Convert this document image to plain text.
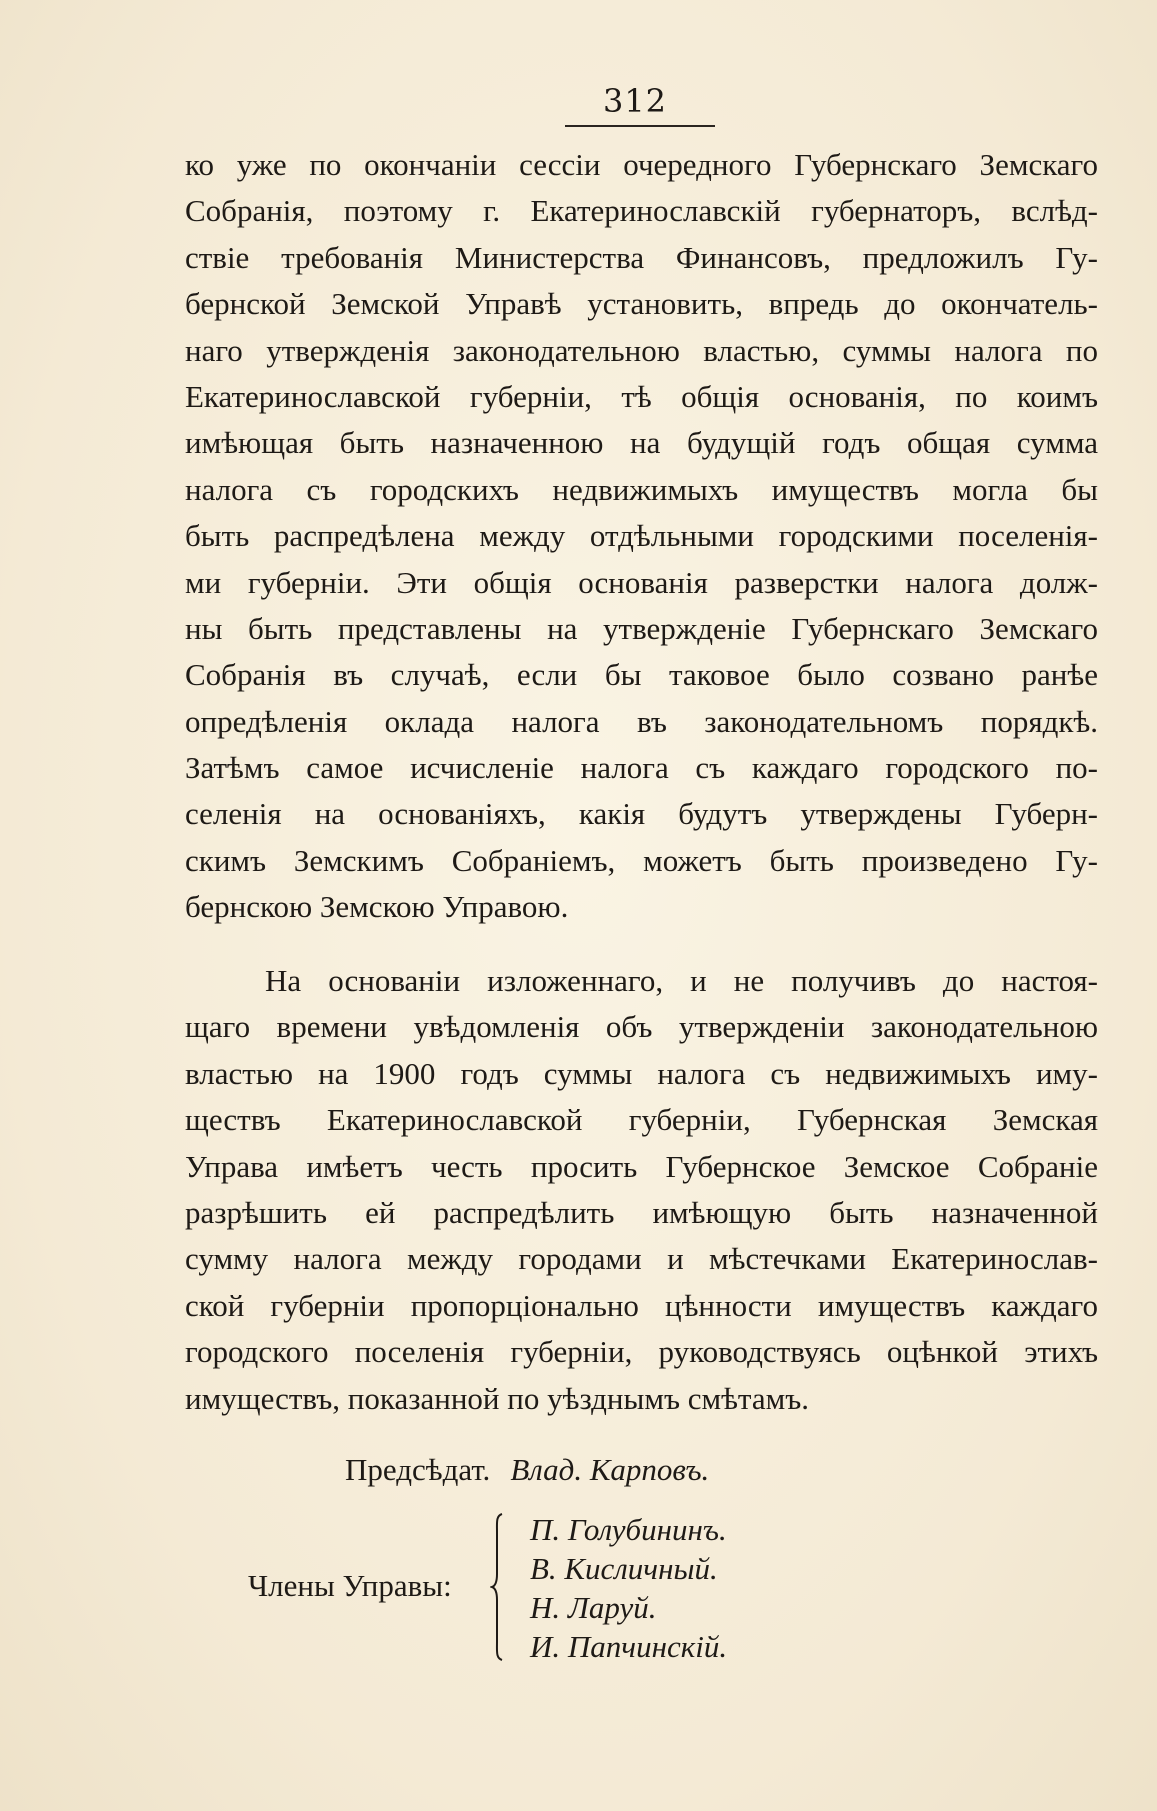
312
ко уже по окончаніи сессіи очередного Губернскаго Земскаго
Собранія, поэтому г. Екатеринославскій губернаторъ, вслѣд-
ствіе требованія Министерства Финансовъ, предложилъ Гу-
бернской Земской Управѣ установить, впредь до окончатель-
наго утвержденія законодательною властью, суммы налога по
Екатеринославской губерніи, тѣ общія основанія, по коимъ
имѣющая быть назначенною на будущій годъ общая сумма
налога съ городскихъ недвижимыхъ имуществъ могла бы
быть распредѣлена между отдѣльными городскими поселенія-
ми губерніи. Эти общія основанія разверстки налога долж-
ны быть представлены на утвержденіе Губернскаго Земскаго
Собранія въ случаѣ, если бы таковое было созвано ранѣе
опредѣленія оклада налога въ законодательномъ порядкѣ.
Затѣмъ самое исчисленіе налога съ каждаго городского по-
селенія на основаніяхъ, какія будутъ утверждены Губерн-
скимъ Земскимъ Собраніемъ, можетъ быть произведено Гу-
бернскою Земскою Управою.
На основаніи изложеннаго, и не получивъ до настоя-
щаго времени увѣдомленія объ утвержденіи законодательною
властью на 1900 годъ суммы налога съ недвижимыхъ иму-
ществъ Екатеринославской губерніи, Губернская Земская
Управа имѣетъ честь просить Губернское Земское Собраніе
разрѣшить ей распредѣлить имѣющую быть назначенной
сумму налога между городами и мѣстечками Екатеринослав-
ской губерніи пропорціонально цѣнности имуществъ каждаго
городского поселенія губерніи, руководствуясь оцѣнкой этихъ
имуществъ, показанной по уѣзднымъ смѣтамъ.
Предсѣдат. Влад. Карповъ.
Члены Управы:
П. Голубининъ.
В. Кисличный.
Н. Ларуй.
И. Папчинскій.
